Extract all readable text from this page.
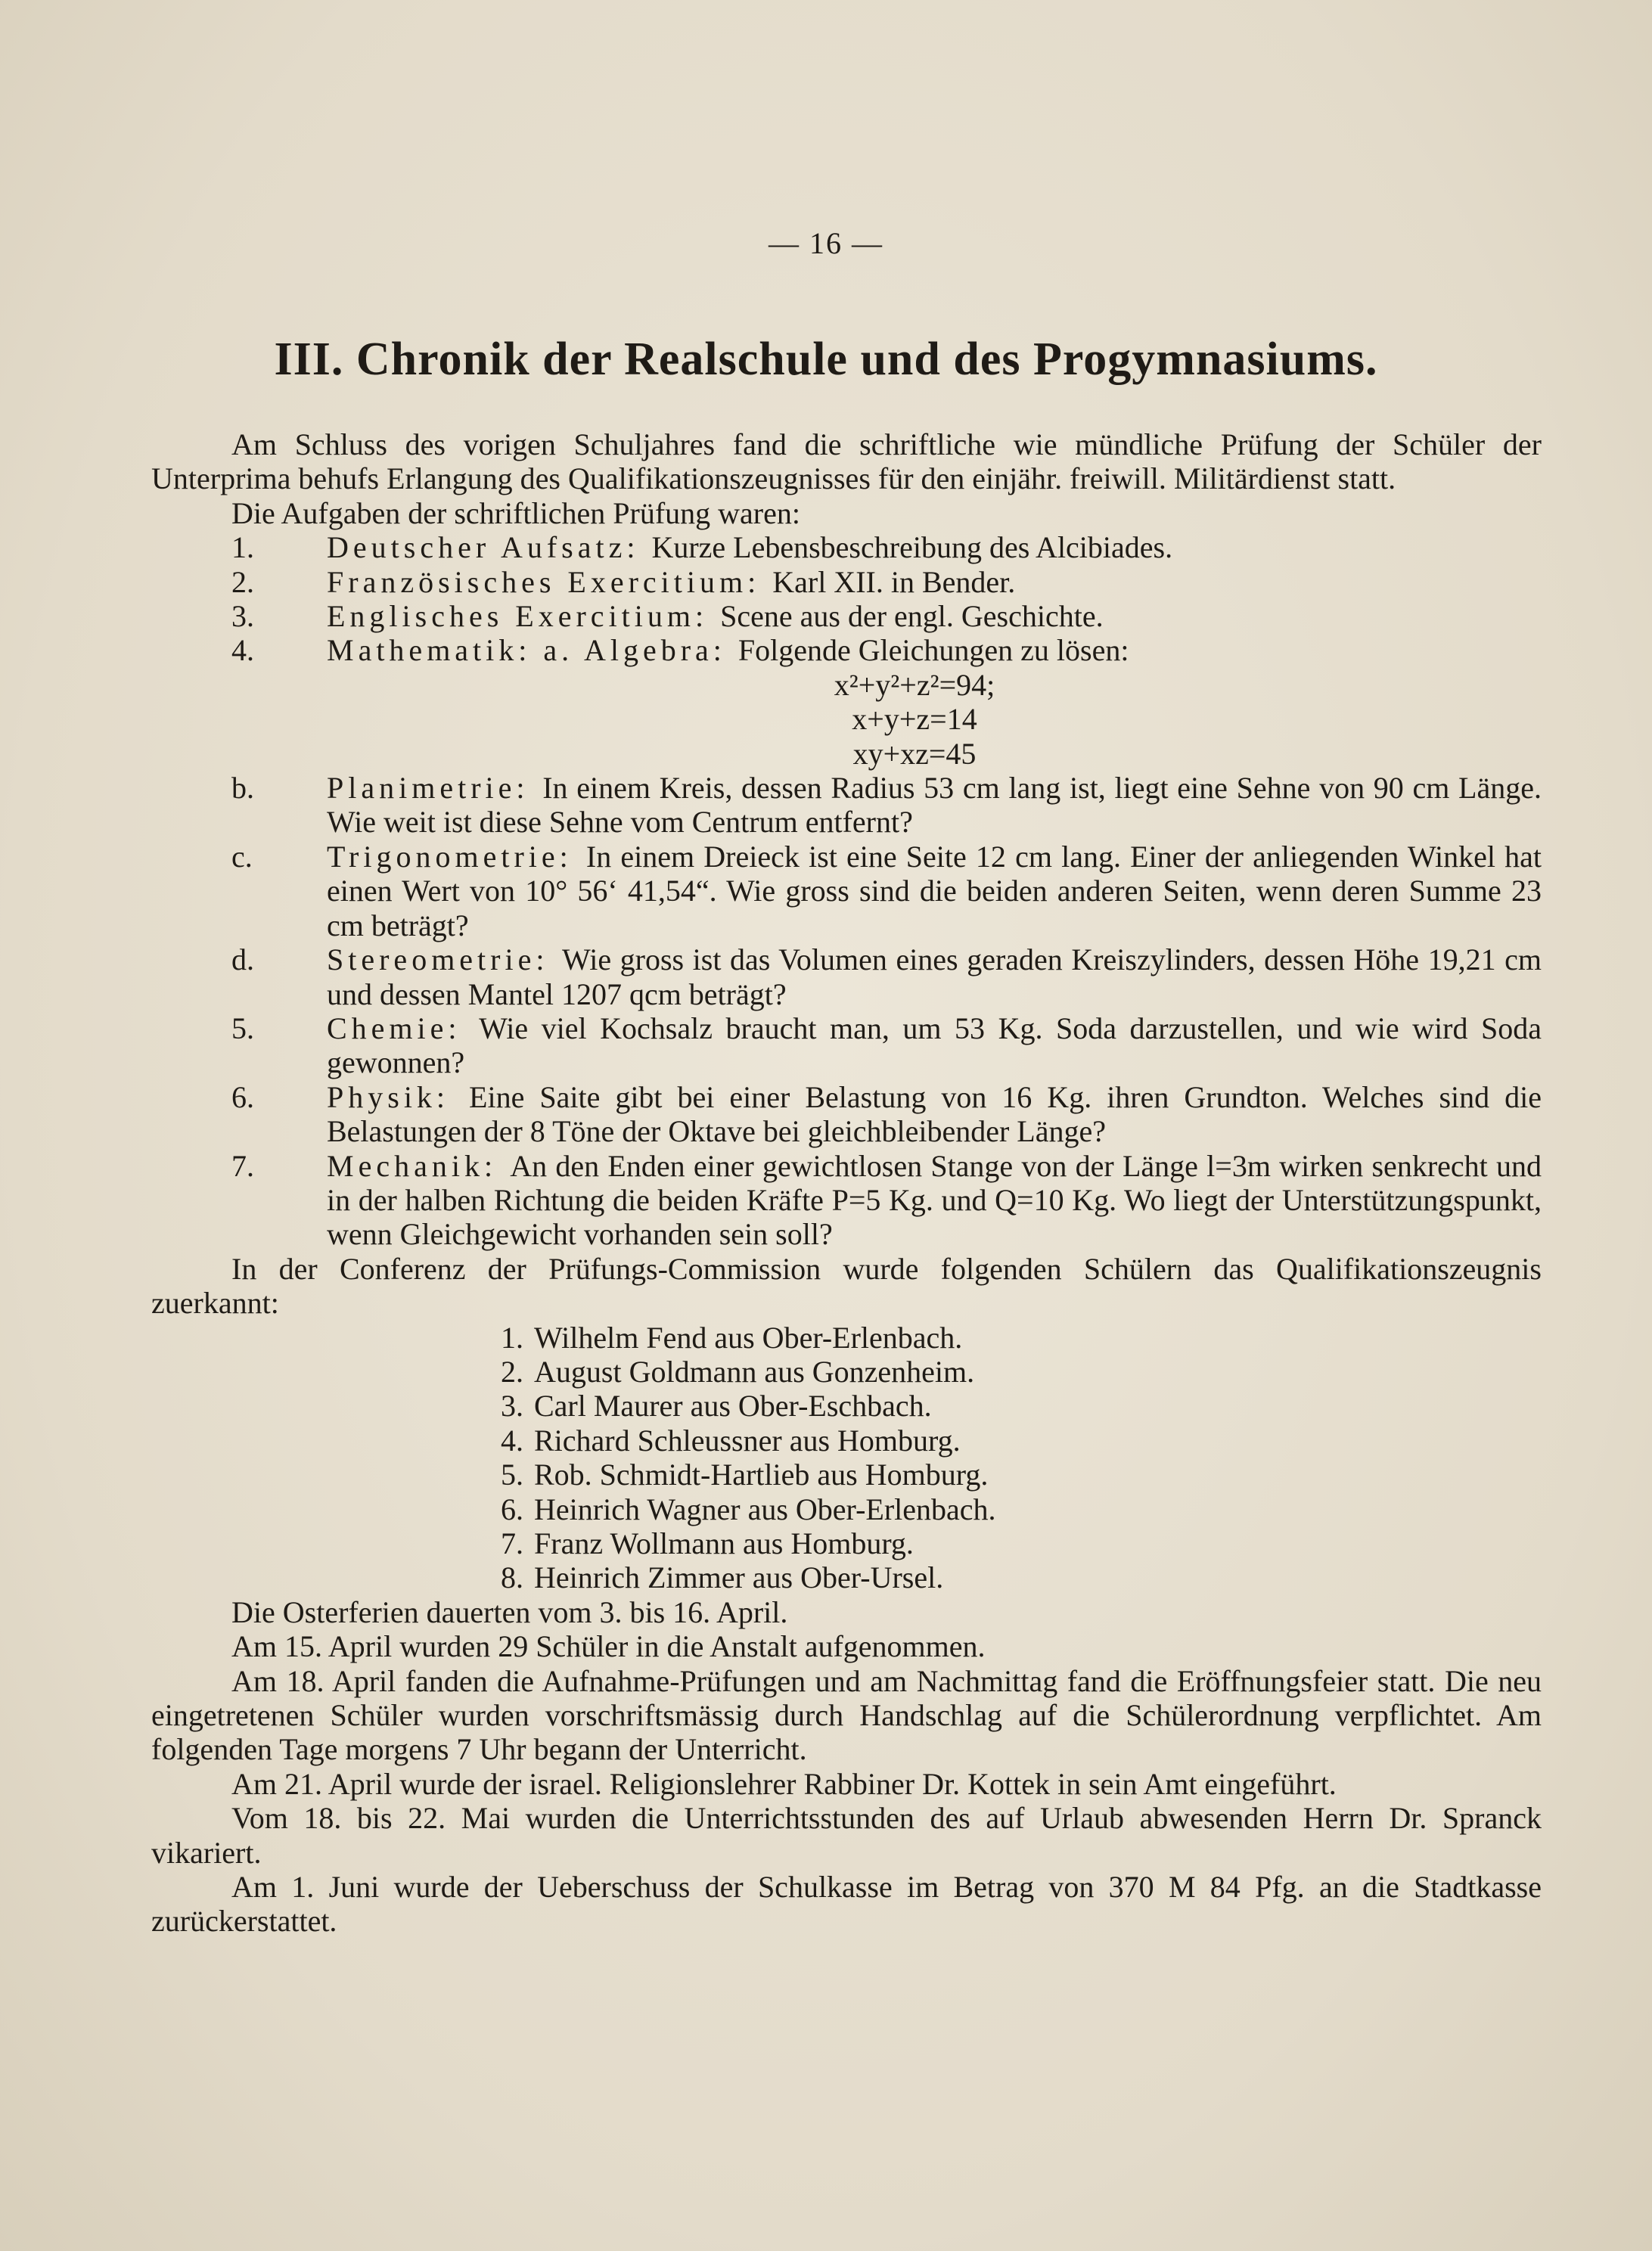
— 16 —
III. Chronik der Realschule und des Progymnasiums.

Am Schluss des vorigen Schuljahres fand die schriftliche wie mündliche Prüfung der Schüler der Unterprima behufs Erlangung des Qualifikationszeugnisses für den einjähr. freiwill. Militärdienst statt.

Die Aufgaben der schriftlichen Prüfung waren:

1. Deutscher Aufsatz: Kurze Lebensbeschreibung des Alcibiades.

2. Französisches Exercitium: Karl XII. in Bender.

3. Englisches Exercitium: Scene aus der engl. Geschichte.

4. Mathematik: a. Algebra: Folgende Gleichungen zu lösen:

x²+y²+z²=94;
x+y+z=14
xy+xz=45

b. Planimetrie: In einem Kreis, dessen Radius 53 cm lang ist, liegt eine Sehne von 90 cm Länge. Wie weit ist diese Sehne vom Centrum entfernt?

c. Trigonometrie: In einem Dreieck ist eine Seite 12 cm lang. Einer der anliegenden Winkel hat einen Wert von 10° 56‘ 41,54“. Wie gross sind die beiden anderen Seiten, wenn deren Summe 23 cm beträgt?

d. Stereometrie: Wie gross ist das Volumen eines geraden Kreiszylinders, dessen Höhe 19,21 cm und dessen Mantel 1207 qcm beträgt?

5. Chemie: Wie viel Kochsalz braucht man, um 53 Kg. Soda darzustellen, und wie wird Soda gewonnen?

6. Physik: Eine Saite gibt bei einer Belastung von 16 Kg. ihren Grundton. Welches sind die Belastungen der 8 Töne der Oktave bei gleichbleibender Länge?

7. Mechanik: An den Enden einer gewichtlosen Stange von der Länge l=3m wirken senkrecht und in der halben Richtung die beiden Kräfte P=5 Kg. und Q=10 Kg. Wo liegt der Unterstützungspunkt, wenn Gleichgewicht vorhanden sein soll?

In der Conferenz der Prüfungs-Commission wurde folgenden Schülern das Qualifikationszeugnis zuerkannt:

1. Wilhelm Fend aus Ober-Erlenbach.
2. August Goldmann aus Gonzenheim.
3. Carl Maurer aus Ober-Eschbach.
4. Richard Schleussner aus Homburg.
5. Rob. Schmidt-Hartlieb aus Homburg.
6. Heinrich Wagner aus Ober-Erlenbach.
7. Franz Wollmann aus Homburg.
8. Heinrich Zimmer aus Ober-Ursel.

Die Osterferien dauerten vom 3. bis 16. April.

Am 15. April wurden 29 Schüler in die Anstalt aufgenommen.

Am 18. April fanden die Aufnahme-Prüfungen und am Nachmittag fand die Eröffnungsfeier statt. Die neu eingetretenen Schüler wurden vorschriftsmässig durch Handschlag auf die Schülerordnung verpflichtet. Am folgenden Tage morgens 7 Uhr begann der Unterricht.

Am 21. April wurde der israel. Religionslehrer Rabbiner Dr. Kottek in sein Amt eingeführt.

Vom 18. bis 22. Mai wurden die Unterrichtsstunden des auf Urlaub abwesenden Herrn Dr. Spranck vikariert.

Am 1. Juni wurde der Ueberschuss der Schulkasse im Betrag von 370 M 84 Pfg. an die Stadtkasse zurückerstattet.
